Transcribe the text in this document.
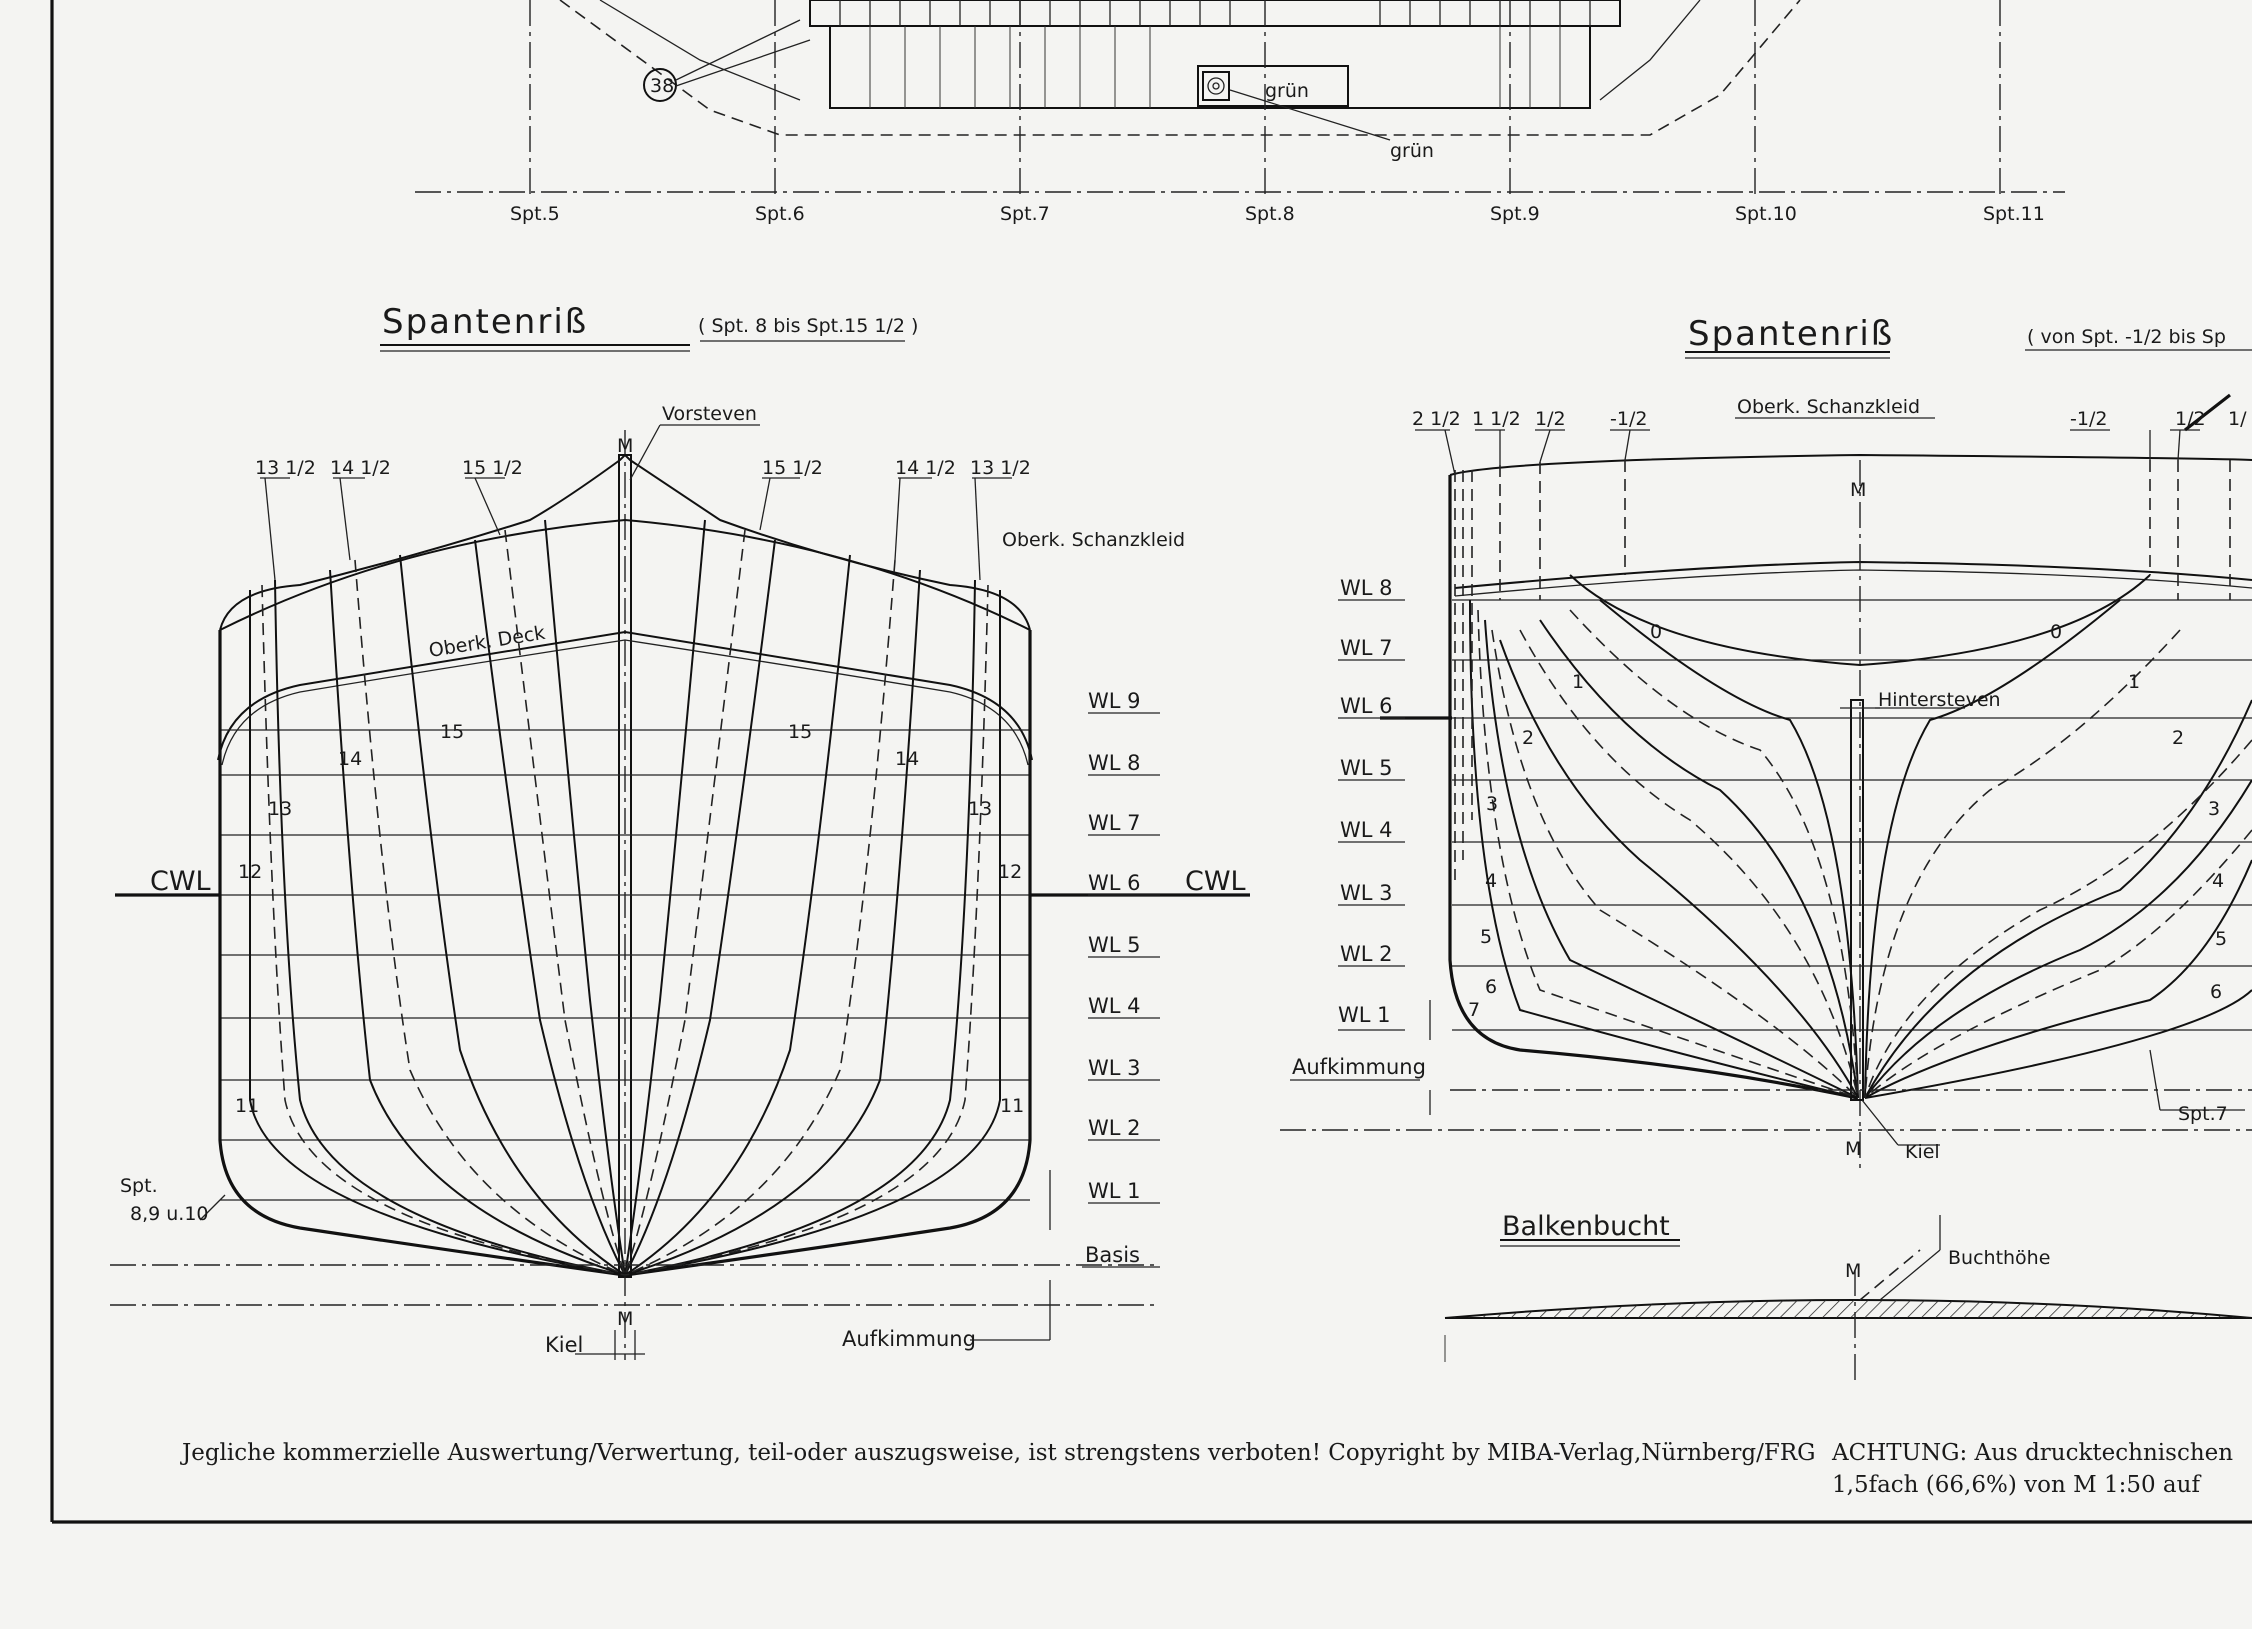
38	grün
grün
Spt.5	Spt.6	Spt.7	Spt.8	Spt.9	Spt.10	Spt.11
Spantenriß	( Spt. 8 bis Spt.15 1/2 )
M
Vorsteven
13 1/2 14 1/2	15 1/2	15 1/2	14 1/2 13 1/2
Oberk. Schanzkleid
Oberk. Deck
15
14
13
12
11
15
14
13
12
11
WL 9
WL 8
WL 7
WL 6
WL 5
WL 4
WL 3
WL 2
WL 1
CWL	CWL
Basis
Spt.
8,9 u.10
M
Kiel	Aufkimmung
Spantenriß	( von Spt. -1/2 bis Sp
2 1/2 1 1/2 1/2 -1/2	-1/2	1/2 1/
Oberk. Schanzkleid
M
WL 8
WL 7
WL 6
WL 5
WL 4
WL 3
WL 2
WL 1
Hintersteven
0
1
2
3
4
5
6
7
0
1
2
3
4
5
6
Aufkimmung
M Kiel
Spt.7
Balkenbucht
M
Buchthöhe
Jegliche kommerzielle Auswertung/Verwertung, teil-oder auszugsweise, ist strengstens verboten! Copyright by MIBA-Verlag,Nürnberg/FRG ACHTUNG: Aus drucktechnischen
1,5fach (66,6%) von M 1:50 auf
